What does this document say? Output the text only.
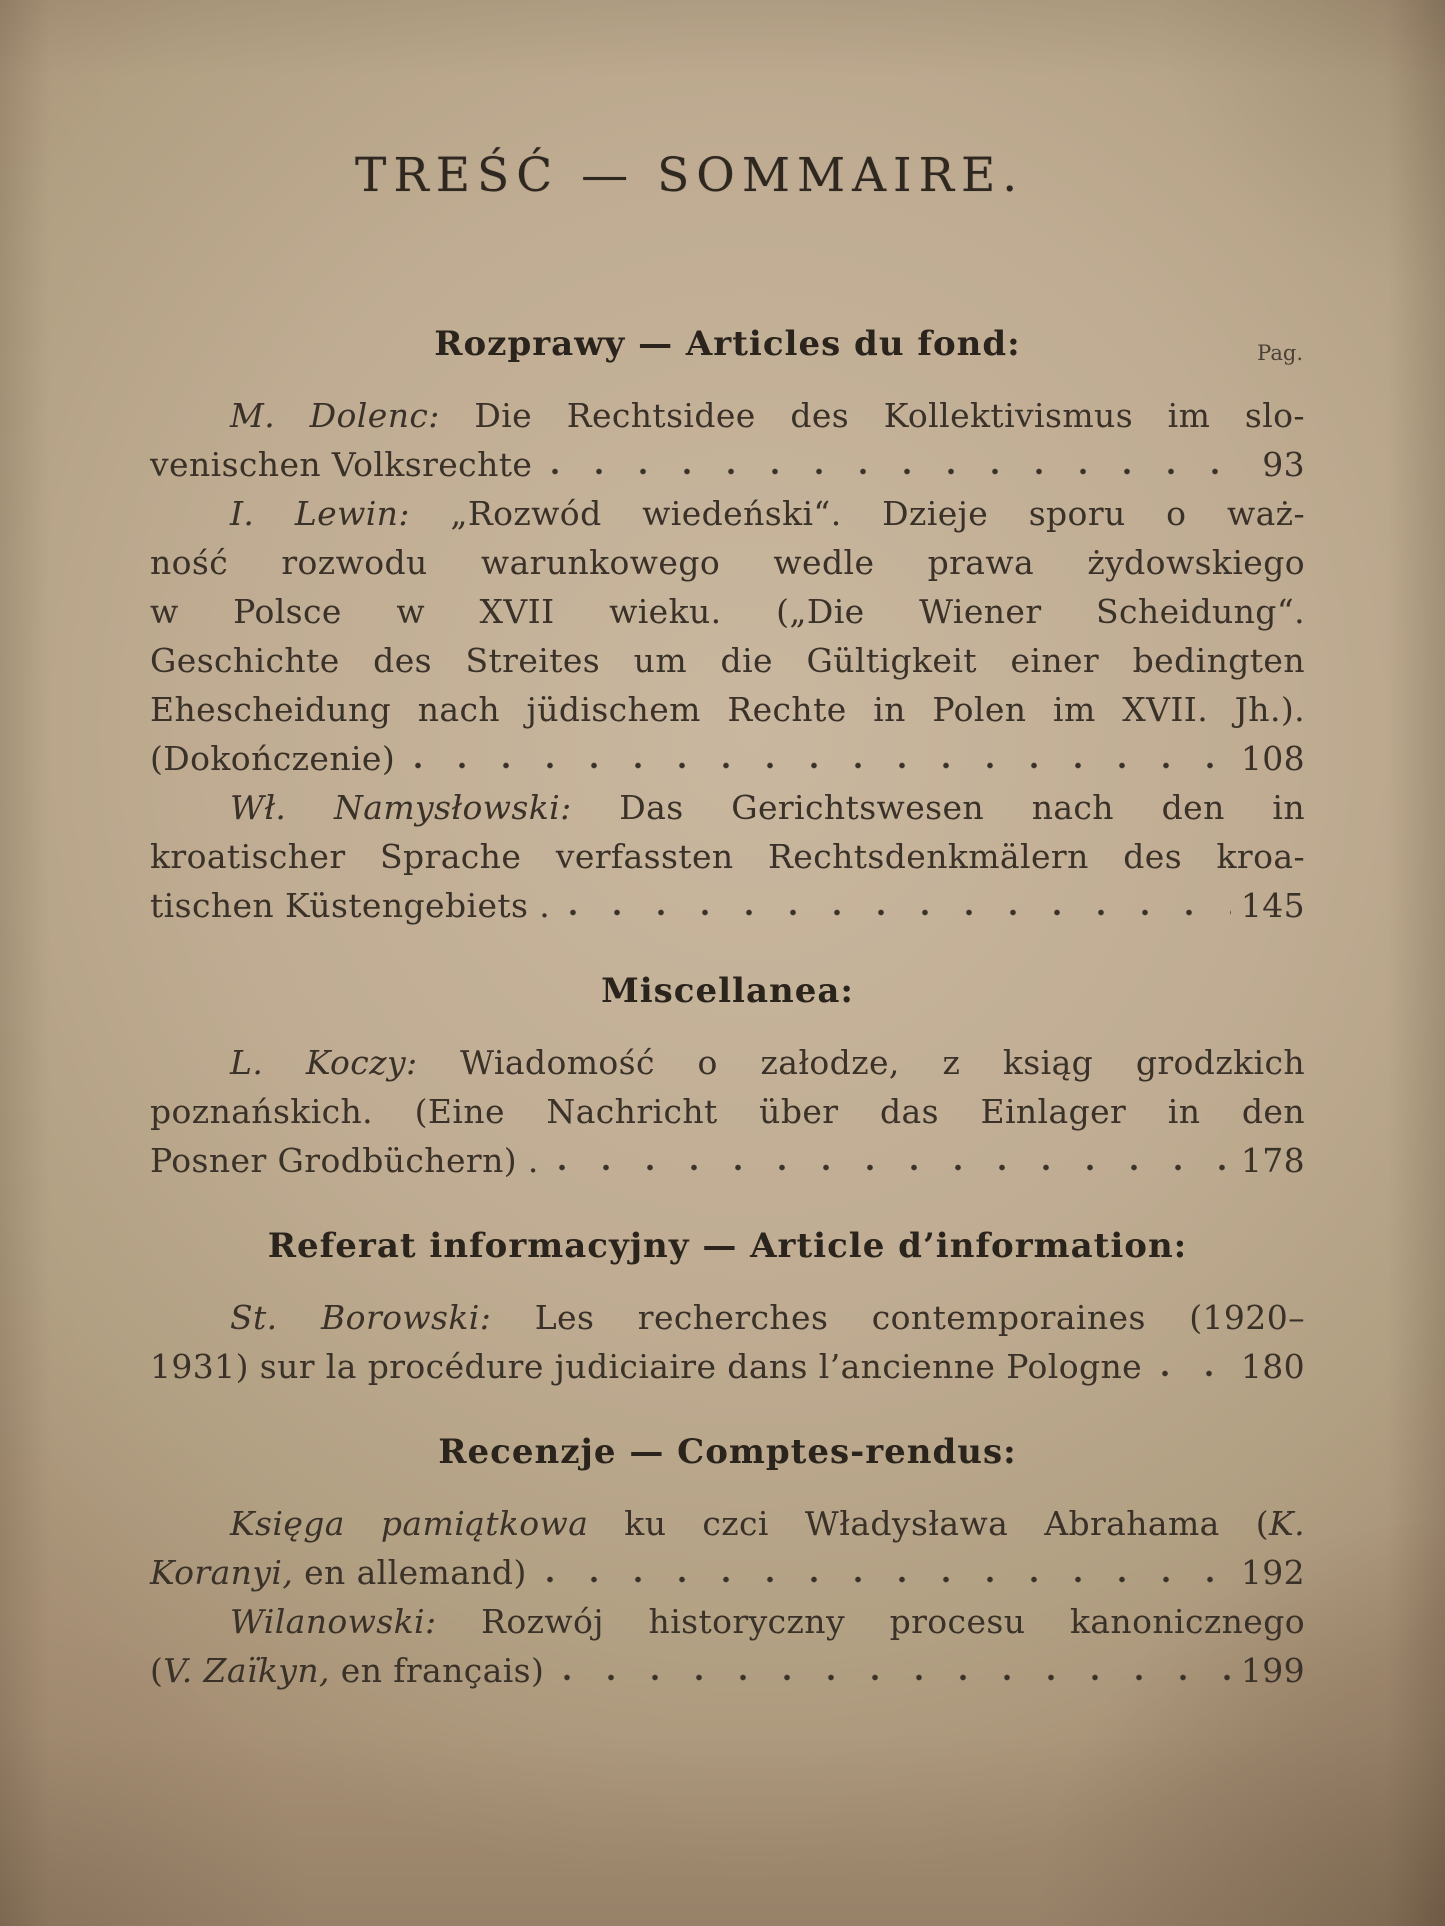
TREŚĆ — SOMMAIRE.
Rozprawy — Articles du fond:	Pag.
M. Dolenc: Die Rechtsidee des Kollektivismus im slo-
venischen Volksrechte	93
I. Lewin: „Rozwód wiedeński“. Dzieje sporu o waż-
ność rozwodu warunkowego wedle prawa żydowskiego
w Polsce w XVII wieku. („Die Wiener Scheidung“.
Geschichte des Streites um die Gültigkeit einer bedingten
Ehescheidung nach jüdischem Rechte in Polen im XVII. Jh.).
(Dokończenie)	108
Wł. Namysłowski: Das Gerichtswesen nach den in
kroatischer Sprache verfassten Rechtsdenkmälern des kroa-
tischen Küstengebiets .	145
Miscellanea:
L. Koczy: Wiadomość o załodze, z ksiąg grodzkich
poznańskich. (Eine Nachricht über das Einlager in den
Posner Grodbüchern) .	178
Referat informacyjny — Article d’information:
St. Borowski: Les recherches contemporaines (1920–
1931) sur la procédure judiciaire dans l’ancienne Pologne	180
Recenzje — Comptes-rendus:
Księga pamiątkowa ku czci Władysława Abrahama (K.
Koranyi, en allemand)	192
Wilanowski: Rozwój historyczny procesu kanonicznego
(V. Zaïkyn, en français)	199
